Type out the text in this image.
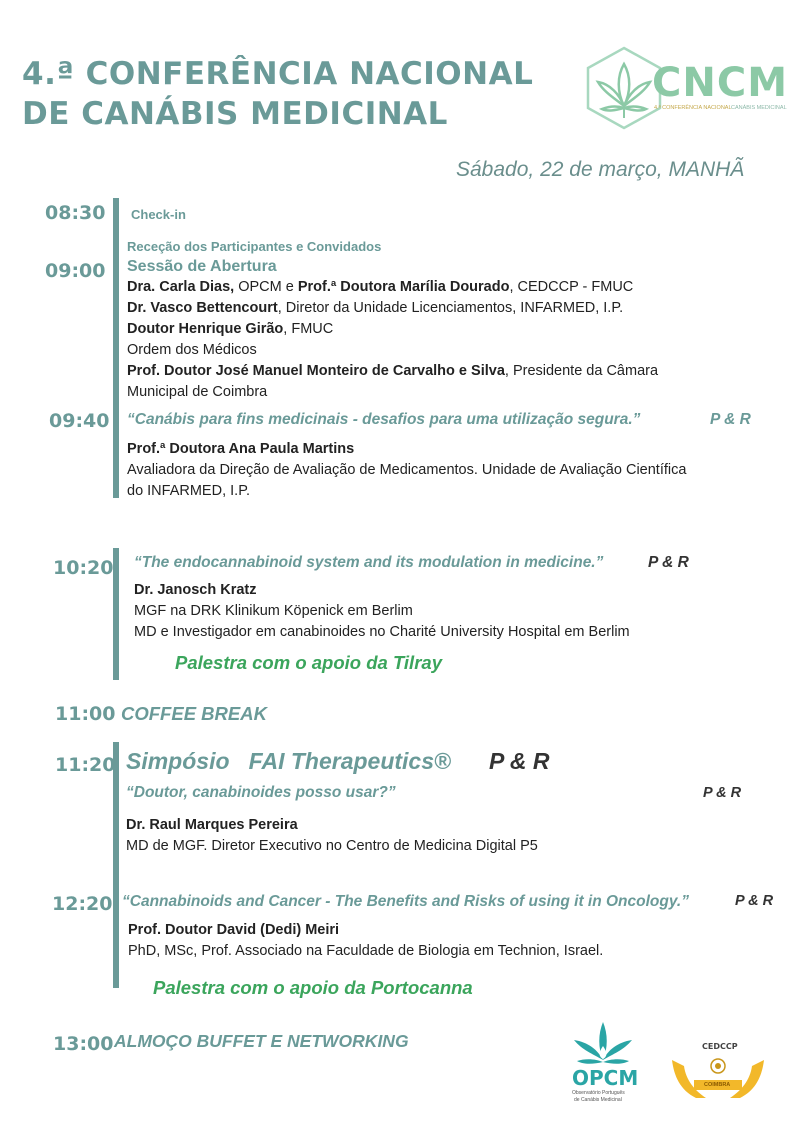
4.ª CONFERÊNCIA NACIONAL
DE CANÁBIS MEDICINAL
CNCM
4.ª CONFERÊNCIA NACIONAL CANÁBIS MEDICINAL
Sábado, 22 de março, MANHÃ
08:30 Check-in
Receção dos Participantes e Convidados
09:00 Sessão de Abertura
Dra. Carla Dias, OPCM e Prof.ª Doutora Marília Dourado, CEDCCP - FMUC
Dr. Vasco Bettencourt, Diretor da Unidade Licenciamentos, INFARMED, I.P.
Doutor Henrique Girão, FMUC
Ordem dos Médicos
Prof. Doutor José Manuel Monteiro de Carvalho e Silva, Presidente da Câmara
Municipal de Coimbra
09:40 “Canábis para fins medicinais - desafios para uma utilização segura.”	P & R
Prof.ª Doutora Ana Paula Martins
Avaliadora da Direção de Avaliação de Medicamentos. Unidade de Avaliação Científica
do INFARMED, I.P.
10:20 “The endocannabinoid system and its modulation in medicine.”	P & R
Dr. Janosch Kratz
MGF na DRK Klinikum Köpenick em Berlim
MD e Investigador em canabinoides no Charité University Hospital em Berlim
Palestra com o apoio da Tilray
11:00 COFFEE BREAK
11:20 Simpósio   FAI Therapeutics® P & R
“Doutor, canabinoides posso usar?”	P & R
Dr. Raul Marques Pereira
MD de MGF. Diretor Executivo no Centro de Medicina Digital P5
12:20 “Cannabinoids and Cancer - The Benefits and Risks of using it in Oncology.”	P & R
Prof. Doutor David (Dedi) Meiri
PhD, MSc, Prof. Associado na Faculdade de Biologia em Technion, Israel.
Palestra com o apoio da Portocanna
13:00 ALMOÇO BUFFET E NETWORKING
OPCM
Observatório Português
de Canábis Medicinal
CEDCCP
COIMBRA
